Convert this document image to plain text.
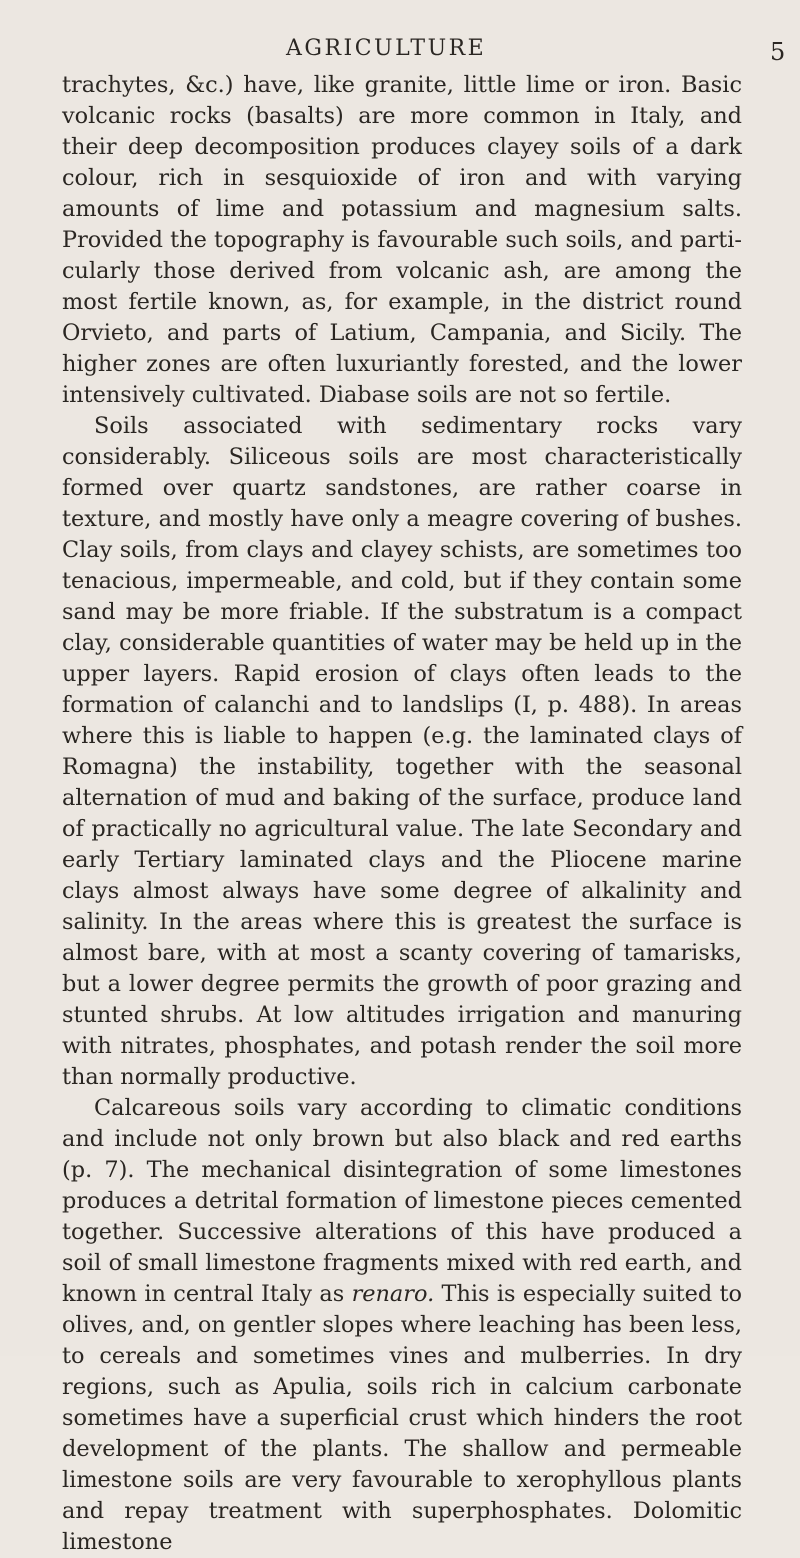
AGRICULTURE	5

trachytes, &c.) have, like granite, little lime or iron. Basic volcanic rocks (basalts) are more common in Italy, and their deep decomposition produces clayey soils of a dark colour, rich in sesquioxide of iron and with varying amounts of lime and potassium and magnesium salts. Provided the topography is favourable such soils, and particularly those derived from volcanic ash, are among the most fertile known, as, for example, in the district round Orvieto, and parts of Latium, Campania, and Sicily. The higher zones are often luxuriantly forested, and the lower intensively cultivated. Diabase soils are not so fertile.

Soils associated with sedimentary rocks vary considerably. Siliceous soils are most characteristically formed over quartz sandstones, are rather coarse in texture, and mostly have only a meagre covering of bushes. Clay soils, from clays and clayey schists, are sometimes too tenacious, impermeable, and cold, but if they contain some sand may be more friable. If the substratum is a compact clay, considerable quantities of water may be held up in the upper layers. Rapid erosion of clays often leads to the formation of calanchi and to landslips (I, p. 488). In areas where this is liable to happen (e.g. the laminated clays of Romagna) the instability, together with the seasonal alternation of mud and baking of the surface, produce land of practically no agricultural value. The late Secondary and early Tertiary laminated clays and the Pliocene marine clays almost always have some degree of alkalinity and salinity. In the areas where this is greatest the surface is almost bare, with at most a scanty covering of tamarisks, but a lower degree permits the growth of poor grazing and stunted shrubs. At low altitudes irrigation and manuring with nitrates, phosphates, and potash render the soil more than normally productive.

Calcareous soils vary according to climatic conditions and include not only brown but also black and red earths (p. 7). The mechanical disintegration of some limestones produces a detrital formation of limestone pieces cemented together. Successive alterations of this have produced a soil of small limestone fragments mixed with red earth, and known in central Italy as renaro. This is especially suited to olives, and, on gentler slopes where leaching has been less, to cereals and sometimes vines and mulberries. In dry regions, such as Apulia, soils rich in calcium carbonate sometimes have a superficial crust which hinders the root development of the plants. The shallow and permeable limestone soils are very favourable to xerophyllous plants and repay treatment with superphosphates. Dolomitic limestone
